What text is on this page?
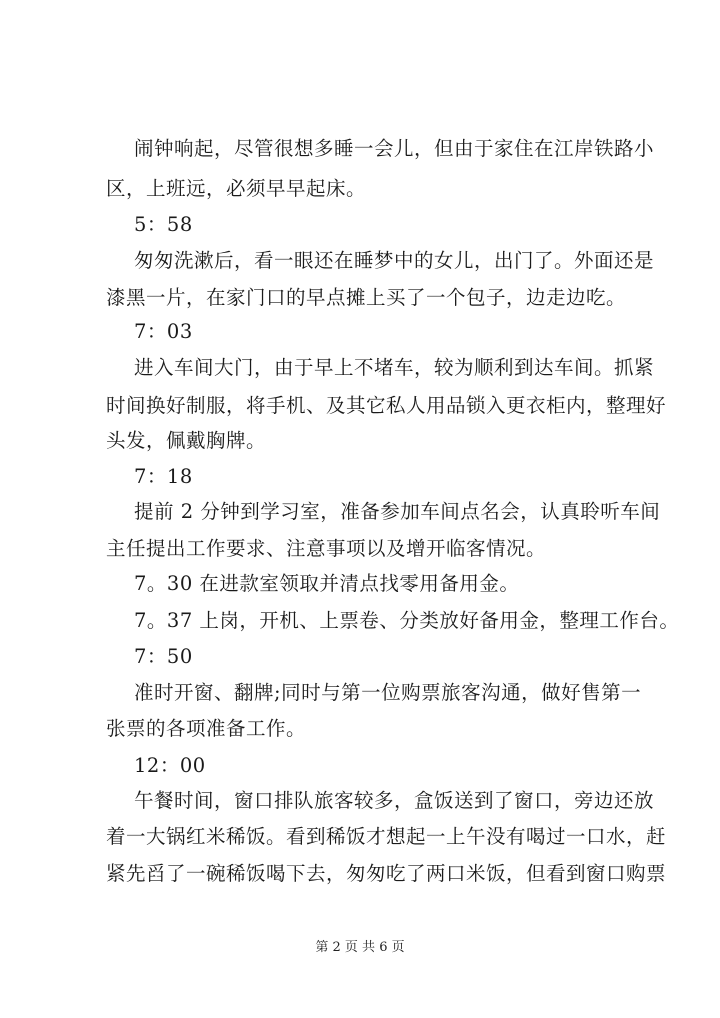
闹钟响起，尽管很想多睡一会儿，但由于家住在江岸铁路小
区，上班远，必须早早起床。
5：58
匆匆洗漱后，看一眼还在睡梦中的女儿，出门了。外面还是
漆黑一片，在家门口的早点摊上买了一个包子，边走边吃。
7：03
进入车间大门，由于早上不堵车，较为顺利到达车间。抓紧
时间换好制服，将手机、及其它私人用品锁入更衣柜内，整理好
头发，佩戴胸牌。
7：18
提前 2 分钟到学习室，准备参加车间点名会，认真聆听车间
主任提出工作要求、注意事项以及增开临客情况。
7。30 在进款室领取并清点找零用备用金。
7。37 上岗，开机、上票卷、分类放好备用金，整理工作台。
7：50
准时开窗、翻牌;同时与第一位购票旅客沟通，做好售第一
张票的各项准备工作。
12：00
午餐时间，窗口排队旅客较多，盒饭送到了窗口，旁边还放
着一大锅红米稀饭。看到稀饭才想起一上午没有喝过一口水，赶
紧先舀了一碗稀饭喝下去，匆匆吃了两口米饭，但看到窗口购票
第 2 页 共 6 页
